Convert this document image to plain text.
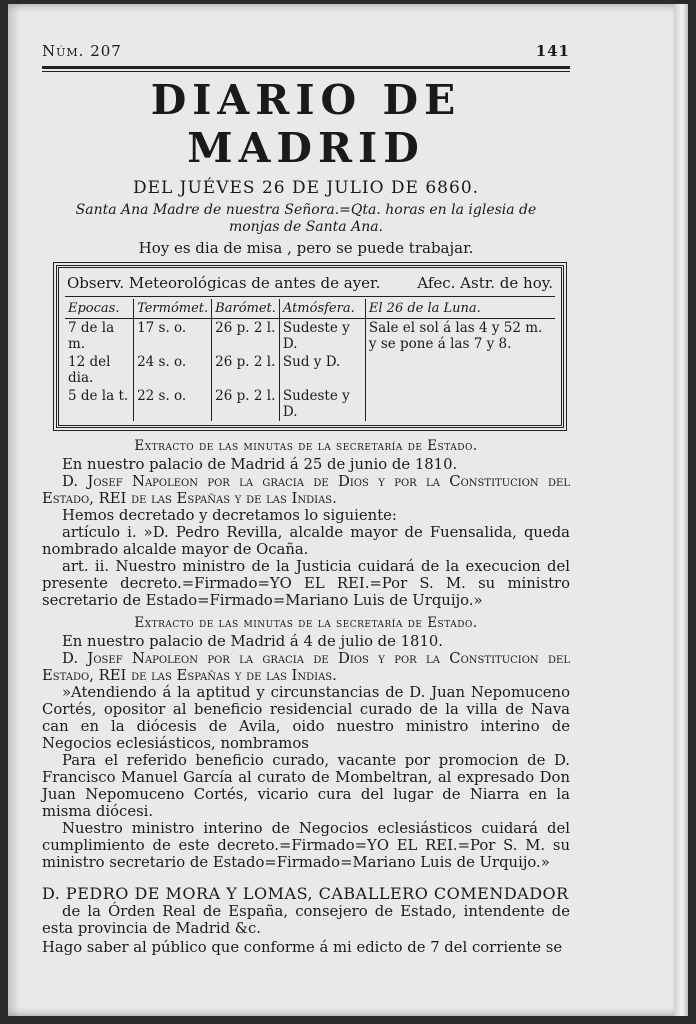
Núm. 207	141
DIARIO DE MADRID
DEL JUÉVES 26 DE JULIO DE 6860.
Santa Ana Madre de nuestra Señora.=Qta. horas en la iglesia de monjas de Santa Ana.
Hoy es dia de misa , pero se puede trabajar.
Observ. Meteorológicas de antes de ayer. Afec. Astr. de hoy.
Epocas.	Termómet.	Barómet.	Atmósfera.	El 26 de la Luna.
7 de la m.	17 s. o.	26 p. 2 l.	Sudeste y D.	Sale el sol á las 4 y 52 m. y se pone á las 7 y 8.
12 del dia.	24 s. o.	26 p. 2 l.	Sud y D.	
5 de la t.	22 s. o.	26 p. 2 l.	Sudeste y D.	
Extracto de las minutas de la secretaría de Estado.

En nuestro palacio de Madrid á 25 de junio de 1810.

D. Josef Napoleon por la gracia de Dios y por la Constitucion del Estado, REI de las Españas y de las Indias.

Hemos decretado y decretamos lo siguiente:

artículo i. »D. Pedro Revilla, alcalde mayor de Fuensalida, queda nombrado alcalde mayor de Ocaña.

art. ii. Nuestro ministro de la Justicia cuidará de la execucion del presente decreto.=Firmado=YO EL REI.=Por S. M. su ministro secretario de Estado=Firmado=Mariano Luis de Urquijo.»

Extracto de las minutas de la secretaría de Estado.

En nuestro palacio de Madrid á 4 de julio de 1810.

D. Josef Napoleon por la gracia de Dios y por la Constitucion del Estado, REI de las Españas y de las Indias.

»Atendiendo á la aptitud y circunstancias de D. Juan Nepomuceno Cortés, opositor al beneficio residencial curado de la villa de Nava can en la diócesis de Avila, oido nuestro ministro interino de Negocios eclesiásticos, nombramos

Para el referido beneficio curado, vacante por promocion de D. Francisco Manuel García al curato de Mombeltran, al expresado Don Juan Nepomuceno Cortés, vicario cura del lugar de Niarra en la misma diócesi.

Nuestro ministro interino de Negocios eclesiásticos cuidará del cumplimiento de este decreto.=Firmado=YO EL REI.=Por S. M. su ministro secretario de Estado=Firmado=Mariano Luis de Urquijo.»

D. PEDRO DE MORA Y LOMAS, CABALLERO COMENDADOR

de la Órden Real de España, consejero de Estado, intendente de esta provincia de Madrid &c.

Hago saber al público que conforme á mi edicto de 7 del corriente se
